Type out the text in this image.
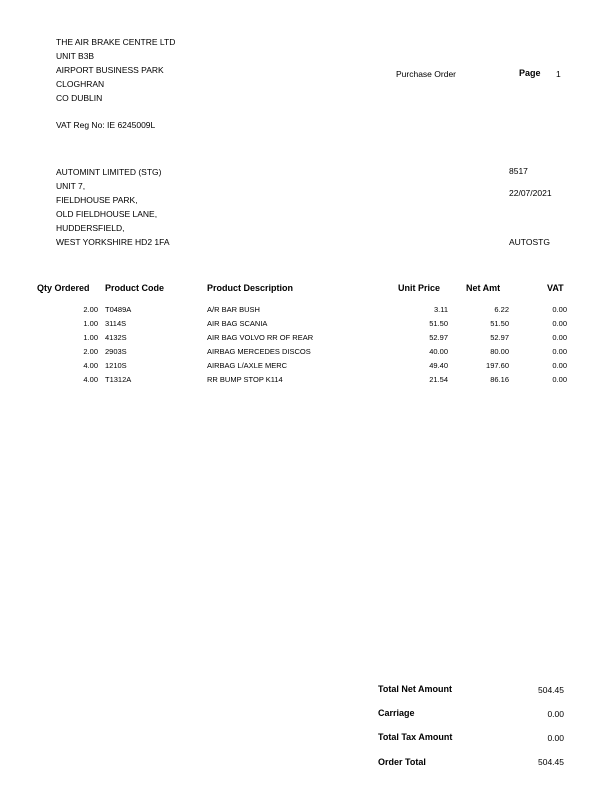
THE AIR BRAKE CENTRE LTD
UNIT B3B
AIRPORT BUSINESS PARK
CLOGHRAN
CO DUBLIN
VAT Reg No: IE 6245009L
Purchase Order	Page 1
AUTOMINT LIMITED (STG)
UNIT 7,
FIELDHOUSE PARK,
OLD FIELDHOUSE LANE,
HUDDERSFIELD,
WEST YORKSHIRE HD2 1FA
8517
22/07/2021
AUTOSTG
Qty Ordered Product Code	Product Description	Unit Price	Net Amt	VAT
2.00 T0489A	A/R BAR BUSH	3.11	6.22	0.00
1.00 3114S	AIR BAG SCANIA	51.50	51.50	0.00
1.00 4132S	AIR BAG VOLVO RR OF REAR	52.97	52.97	0.00
2.00 2903S	AIRBAG MERCEDES DISCOS	40.00	80.00	0.00
4.00 1210S	AIRBAG L/AXLE MERC	49.40	197.60	0.00
4.00 T1312A	RR BUMP STOP K114	21.54	86.16	0.00
Total Net Amount	504.45
Carriage	0.00
Total Tax Amount	0.00
Order Total	504.45
